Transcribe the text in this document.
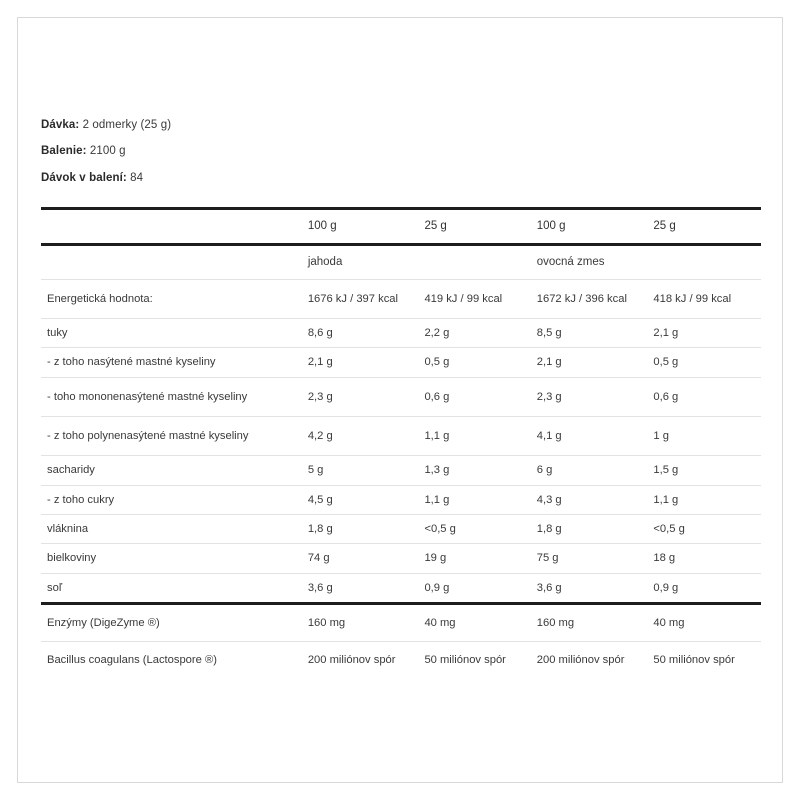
Dávka: 2 odmerky (25 g)
Balenie: 2100 g
Dávok v balení: 84
	100 g	25 g	100 g	25 g
	jahoda		ovocná zmes	
Energetická hodnota:	1676 kJ / 397 kcal	419 kJ / 99 kcal	1672 kJ / 396 kcal	418 kJ / 99 kcal
tuky	8,6 g	2,2 g	8,5 g	2,1 g
- z toho nasýtené mastné kyseliny	2,1 g	0,5 g	2,1 g	0,5 g
- toho mononenasýtené mastné kyseliny	2,3 g	0,6 g	2,3 g	0,6 g
- z toho polynenasýtené mastné kyseliny	4,2 g	1,1 g	4,1 g	1 g
sacharidy	5 g	1,3 g	6 g	1,5 g
- z toho cukry	4,5 g	1,1 g	4,3 g	1,1 g
vláknina	1,8 g	<0,5 g	1,8 g	<0,5 g
bielkoviny	74 g	19 g	75 g	18 g
soľ	3,6 g	0,9 g	3,6 g	0,9 g
Enzýmy (DigeZyme ®)	160 mg	40 mg	160 mg	40 mg
Bacillus coagulans (Lactospore ®)	200 miliónov spór	50 miliónov spór	200 miliónov spór	50 miliónov spór
